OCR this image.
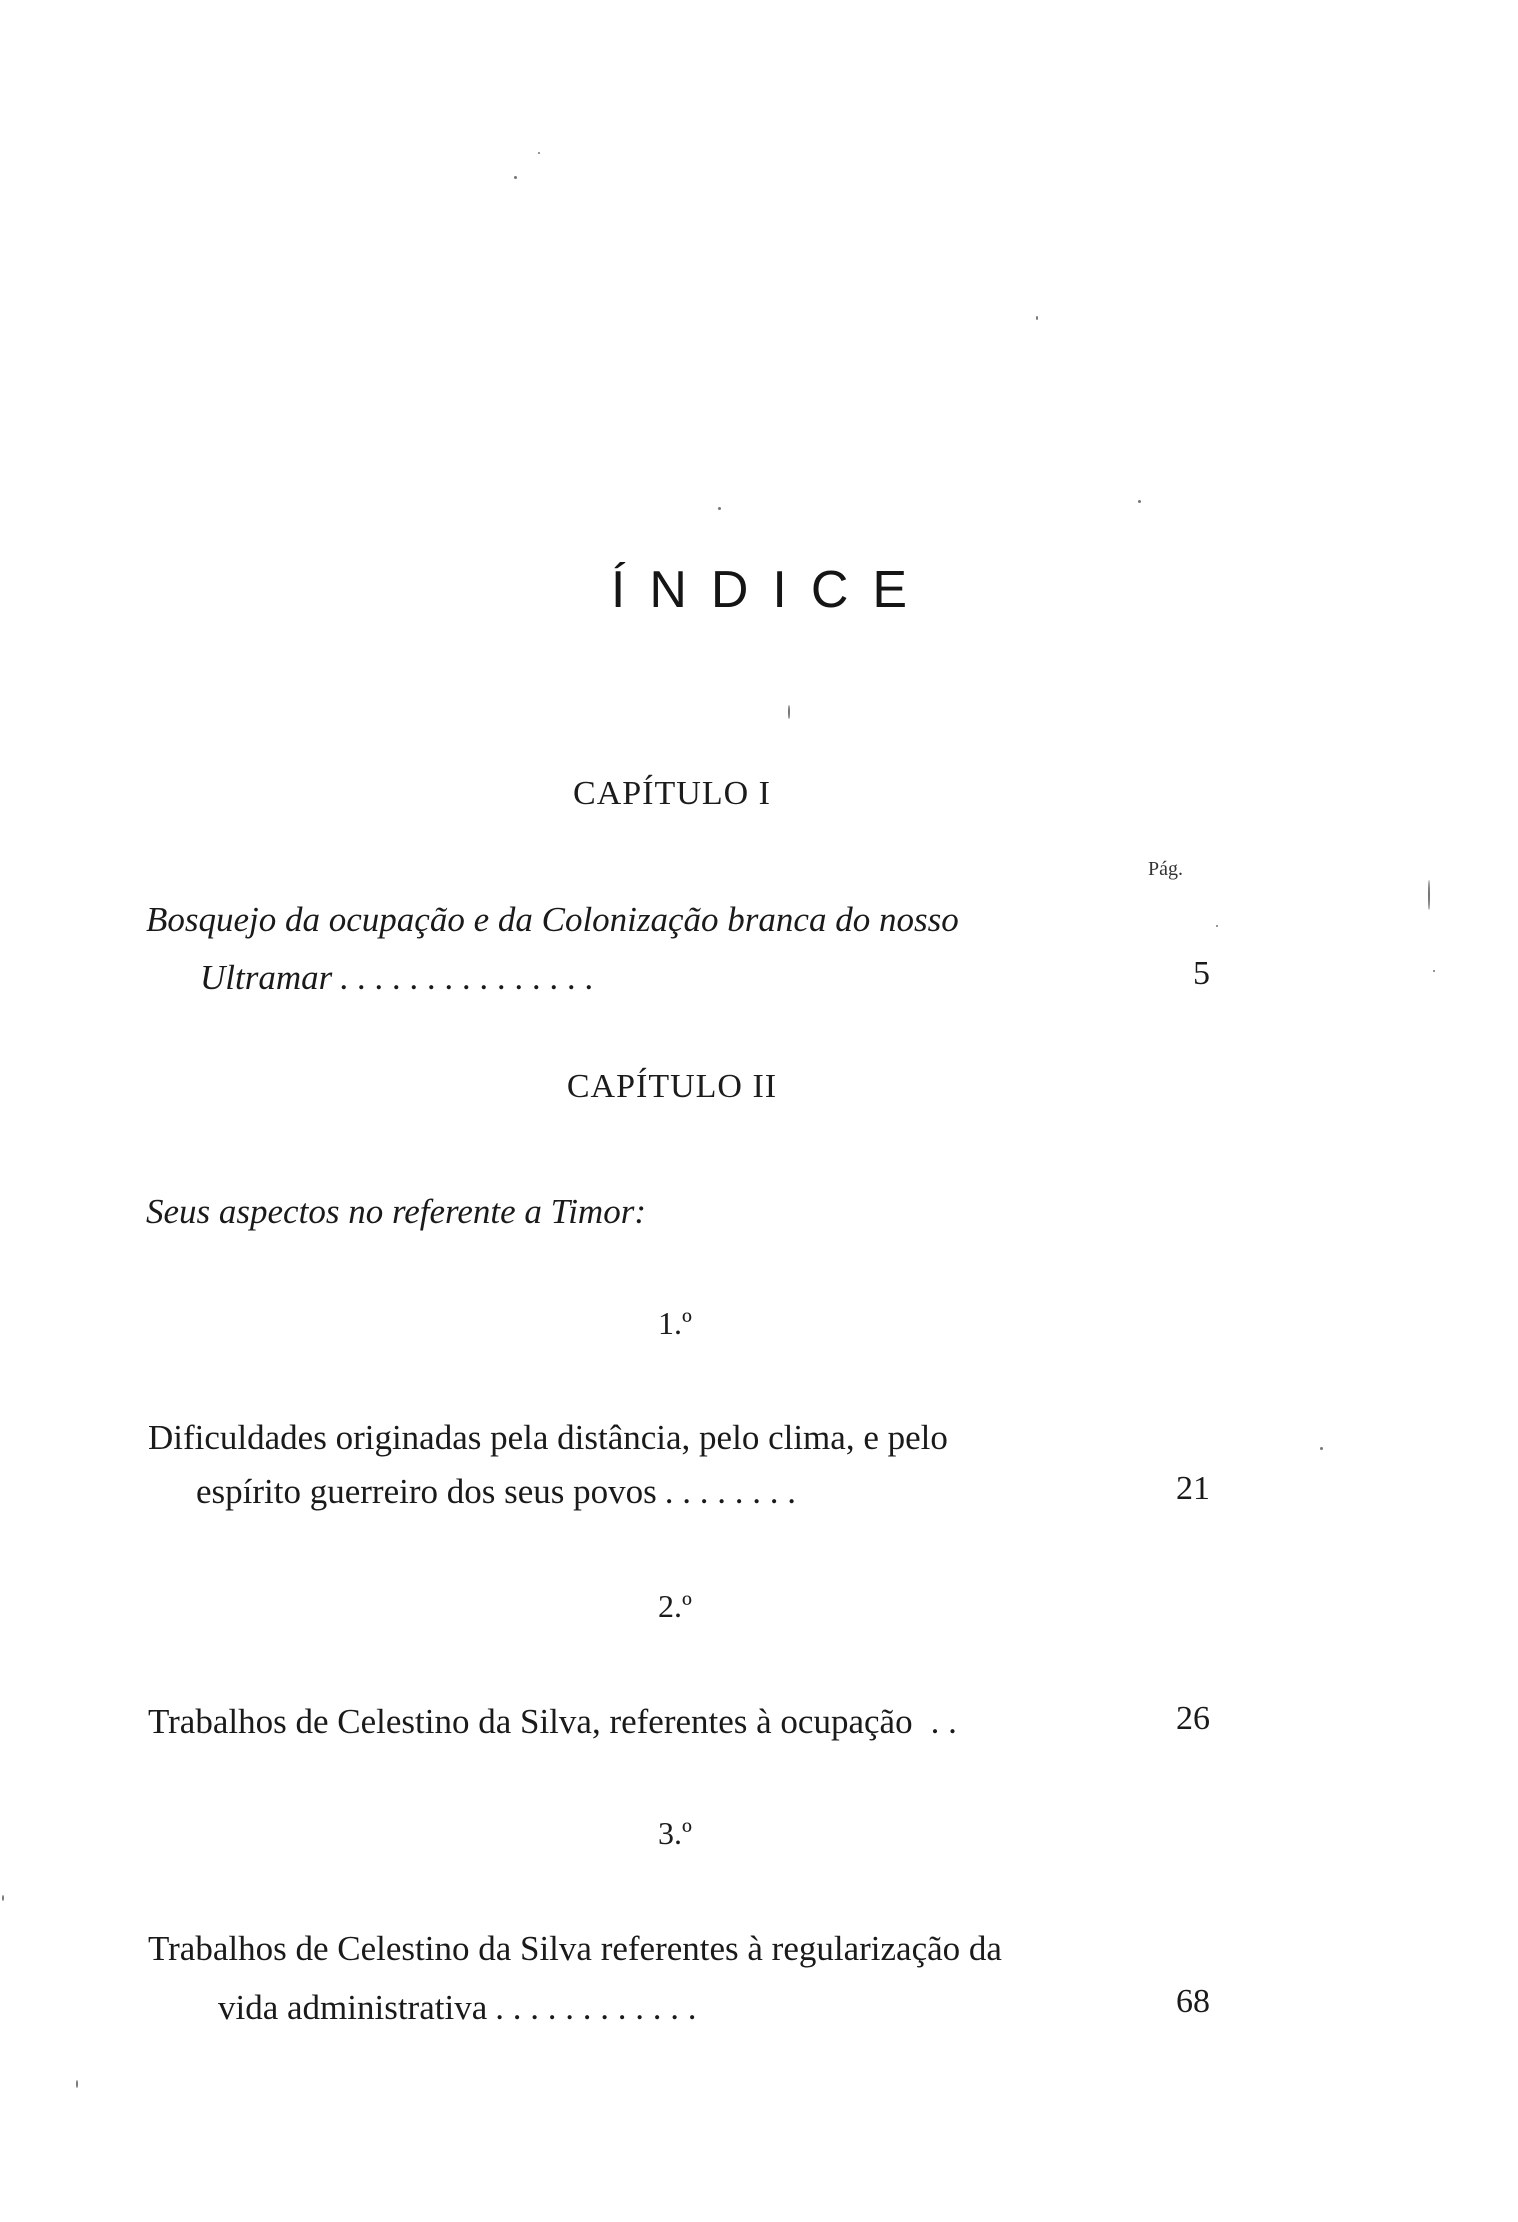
ÍNDICE
CAPÍTULO I
Pág.
Bosquejo da ocupação e da Colonização branca do nosso
Ultramar . . . . . . . . . . . . . . .	5
CAPÍTULO II
Seus aspectos no referente a Timor:
1.º
Dificuldades originadas pela distância, pelo clima, e pelo
espírito guerreiro dos seus povos . . . . . . . .	21
2.º
Trabalhos de Celestino da Silva, referentes à ocupação . .	26
3.º
Trabalhos de Celestino da Silva referentes à regularização da
vida administrativa . . . . . . . . . . . .	68
